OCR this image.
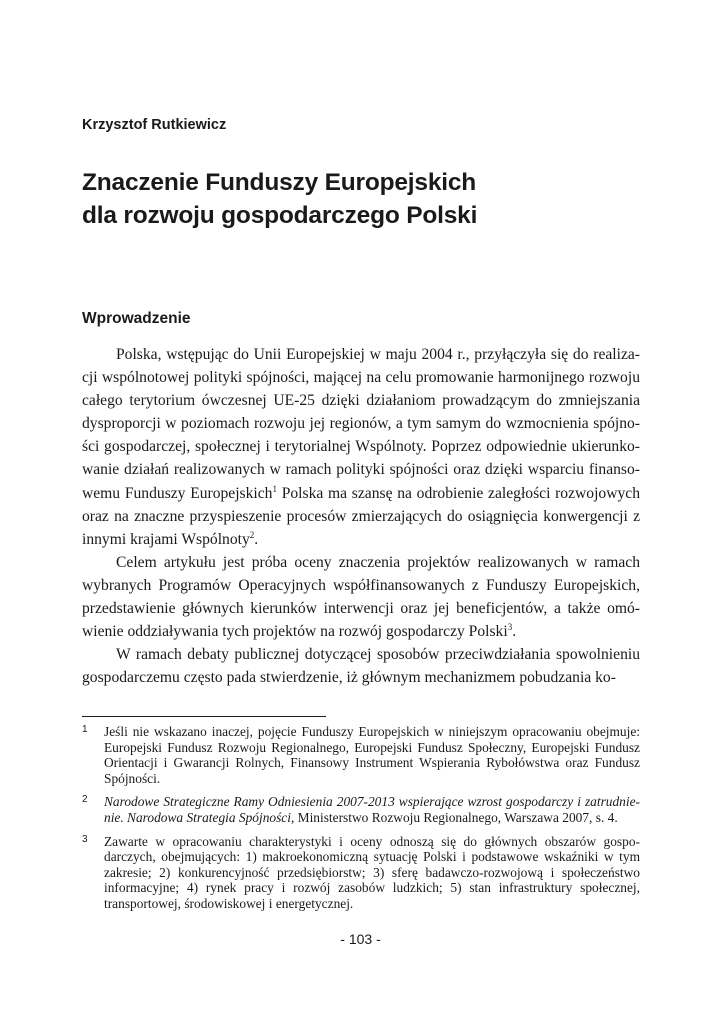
Krzysztof Rutkiewicz
Znaczenie Funduszy Europejskich
dla rozwoju gospodarczego Polski
Wprowadzenie

Polska, wstępując do Unii Europejskiej w maju 2004 r., przyłączyła się do realizacji wspólnotowej polityki spójności, mającej na celu promowanie harmonijnego rozwoju całego terytorium ówczesnej UE-25 dzięki działaniom prowadzącym do zmniejszania dysproporcji w poziomach rozwoju jej regionów, a tym samym do wzmocnienia spójności gospodarczej, społecznej i terytorialnej Wspólnoty. Poprzez odpowiednie ukierunkowanie działań realizowanych w ramach polityki spójności oraz dzięki wsparciu finansowemu Funduszy Europejskich$^1$ Polska ma szansę na odrobienie zaległości rozwojowych oraz na znaczne przyspieszenie procesów zmierzających do osiągnięcia konwergencji z innymi krajami Wspólnoty$^2$.

Celem artykułu jest próba oceny znaczenia projektów realizowanych w ramach wybranych Programów Operacyjnych współfinansowanych z Funduszy Europejskich, przedstawienie głównych kierunków interwencji oraz jej beneficjentów, a także omówienie oddziaływania tych projektów na rozwój gospodarczy Polski$^3$.

W ramach debaty publicznej dotyczącej sposobów przeciwdziałania spowolnieniu gospodarczemu często pada stwierdzenie, iż głównym mechanizmem pobudzania ko-

1 Jeśli nie wskazano inaczej, pojęcie Funduszy Europejskich w niniejszym opracowaniu obejmuje: Europejski Fundusz Rozwoju Regionalnego, Europejski Fundusz Społeczny, Europejski Fundusz Orientacji i Gwarancji Rolnych, Finansowy Instrument Wspierania Rybołówstwa oraz Fundusz Spójności.
2 Narodowe Strategiczne Ramy Odniesienia 2007-2013 wspierające wzrost gospodarczy i zatrudnienie. Narodowa Strategia Spójności, Ministerstwo Rozwoju Regionalnego, Warszawa 2007, s. 4.
3 Zawarte w opracowaniu charakterystyki i oceny odnoszą się do głównych obszarów gospodarczych, obejmujących: 1) makroekonomiczną sytuację Polski i podstawowe wskaźniki w tym zakresie; 2) konkurencyjność przedsiębiorstw; 3) sferę badawczo-rozwojową i społeczeństwo informacyjne; 4) rynek pracy i rozwój zasobów ludzkich; 5) stan infrastruktury społecznej, transportowej, środowiskowej i energetycznej.
- 103 -
